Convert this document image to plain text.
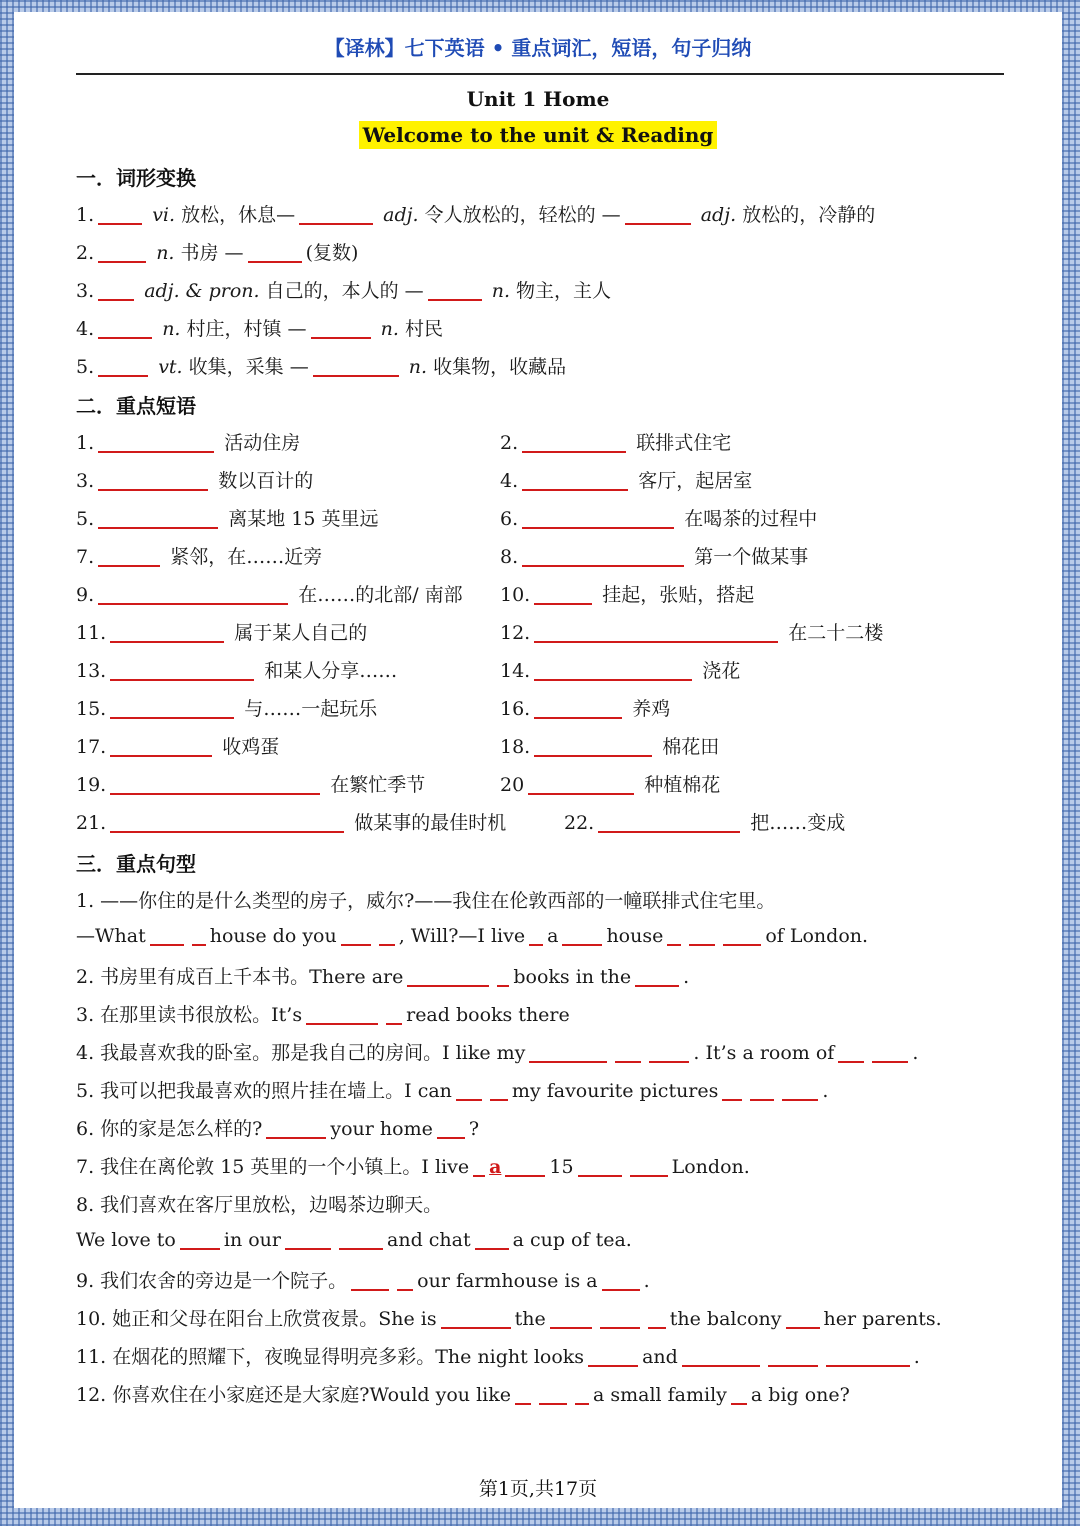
【译林】七下英语 • 重点词汇，短语，句子归纳
Unit 1 Home
Welcome to the unit & Reading
一．词形变换
1.	vi. 放松，休息—	adj. 令人放松的，轻松的 —	adj. 放松的，冷静的
2.	n. 书房 —	(复数)
3.	adj. & pron. 自己的，本人的 —	n. 物主，主人
4.	n. 村庄，村镇 —	n. 村民
5.	vt. 收集，采集 —	n. 收集物，收藏品
二．重点短语
1.	活动住房	2.	联排式住宅
3.	数以百计的	4.	客厅，起居室
5.	离某地 15 英里远	6.	在喝茶的过程中
7.	紧邻，在……近旁	8.	第一个做某事
9.	在……的北部/ 南部 10.	挂起，张贴，搭起
11.	属于某人自己的	12.	在二十二楼
13.	和某人分享……	14.	浇花
15.	与……一起玩乐	16.	养鸡
17.	收鸡蛋	18.	棉花田
19.	在繁忙季节	20	种植棉花
21.	做某事的最佳时机	22.	把……变成
三．重点句型
1. ——你住的是什么类型的房子，威尔?——我住在伦敦西部的一幢联排式住宅里。
—What	house do you	, Will?—I live a	house	of London.
2. 书房里有成百上千本书。There are	books in the	.
3. 在那里读书很放松。It’s	read books there
4. 我最喜欢我的卧室。那是我自己的房间。I like my	. It’s a room of	.
5. 我可以把我最喜欢的照片挂在墙上。I can	my favourite pictures	.
6. 你的家是怎么样的?	your home ?
7. 我住在离伦敦 15 英里的一个小镇上。I live a	15	London.
8. 我们喜欢在客厅里放松，边喝茶边聊天。
We love to	in our	and chat a cup of tea.
9. 我们农舍的旁边是一个院子。	our farmhouse is a .
10. 她正和父母在阳台上欣赏夜景。She is	the	the balcony her parents.
11. 在烟花的照耀下，夜晚显得明亮多彩。The night looks	and	.
12. 你喜欢住在小家庭还是大家庭?Would you like	a small family a big one?
第1页,共17页
